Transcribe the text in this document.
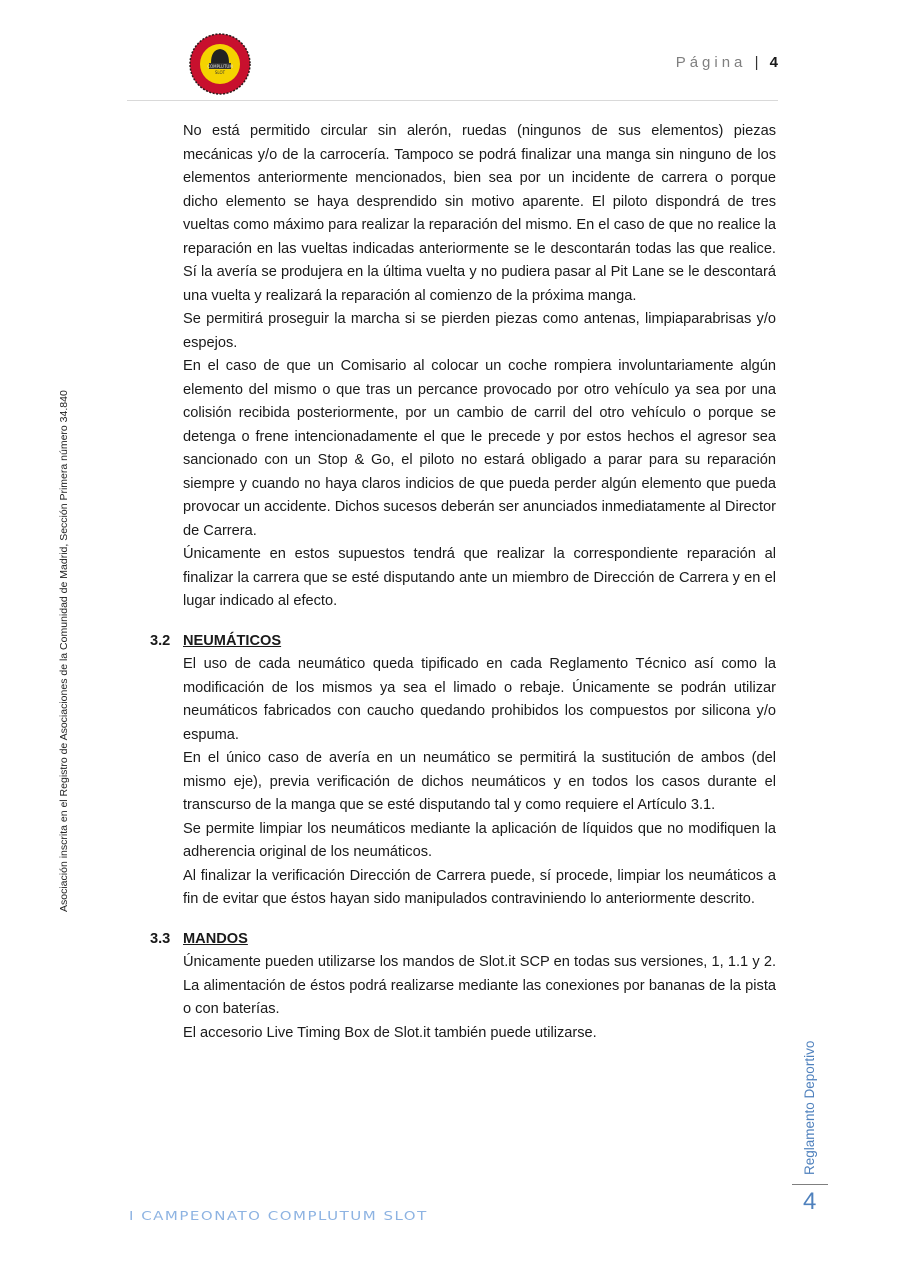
COMPLUTUM
SLOT
Página | 4

No está permitido circular sin alerón, ruedas (ningunos de sus elementos) piezas mecánicas y/o de la carrocería. Tampoco se podrá finalizar una manga sin ninguno de los elementos anteriormente mencionados, bien sea por un incidente de carrera o porque dicho elemento se haya desprendido sin motivo aparente. El piloto dispondrá de tres vueltas como máximo para realizar la reparación del mismo. En el caso de que no realice la reparación en las vueltas indicadas anteriormente se le descontarán todas las que realice. Sí la avería se produjera en la última vuelta y no pudiera pasar al Pit Lane se le descontará una vuelta y realizará la reparación al comienzo de la próxima manga.

Se permitirá proseguir la marcha si se pierden piezas como antenas, limpiaparabrisas y/o espejos.

En el caso de que un Comisario al colocar un coche rompiera involuntariamente algún elemento del mismo o que tras un percance provocado por otro vehículo ya sea por una colisión recibida posteriormente, por un cambio de carril del otro vehículo o porque se detenga o frene intencionadamente el que le precede y por estos hechos el agresor sea sancionado con un Stop & Go, el piloto no estará obligado a parar para su reparación siempre y cuando no haya claros indicios de que pueda perder algún elemento que pueda provocar un accidente. Dichos sucesos deberán ser anunciados inmediatamente al Director de Carrera.

Únicamente en estos supuestos tendrá que realizar la correspondiente reparación al finalizar la carrera que se esté disputando ante un miembro de Dirección de Carrera y en el lugar indicado al efecto.

3.2 NEUMÁTICOS

El uso de cada neumático queda tipificado en cada Reglamento Técnico así como la modificación de los mismos ya sea el limado o rebaje. Únicamente se podrán utilizar neumáticos fabricados con caucho quedando prohibidos los compuestos por silicona y/o espuma.

En el único caso de avería en un neumático se permitirá la sustitución de ambos (del mismo eje), previa verificación de dichos neumáticos y en todos los casos durante el transcurso de la manga que se esté disputando tal y como requiere el Artículo 3.1.

Se permite limpiar los neumáticos mediante la aplicación de líquidos que no modifiquen la adherencia original de los neumáticos.

Al finalizar la verificación Dirección de Carrera puede, sí procede, limpiar los neumáticos a fin de evitar que éstos hayan sido manipulados contraviniendo lo anteriormente descrito.

3.3 MANDOS

Únicamente pueden utilizarse los mandos de Slot.it SCP en todas sus versiones, 1, 1.1 y 2. La alimentación de éstos podrá realizarse mediante las conexiones por bananas de la pista o con baterías.

El accesorio Live Timing Box de Slot.it también puede utilizarse.

Asociación inscrita en el Registro de Asociaciones de la Comunidad de Madrid, Sección Primera número 34.840
Reglamento Deportivo
4
I CAMPEONATO COMPLUTUM SLOT
